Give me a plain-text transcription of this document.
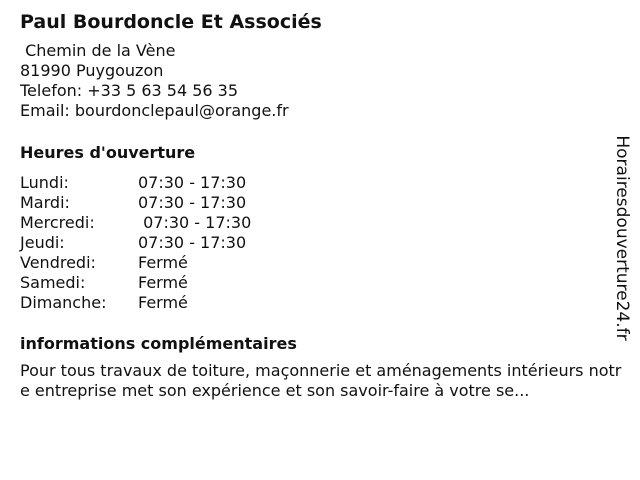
Paul Bourdoncle Et Associés
Chemin de la Vène
81990 Puygouzon
Telefon: +33 5 63 54 56 35
Email: bourdonclepaul@orange.fr
Heures d'ouverture
Lundi:	07:30 - 17:30
Mardi:	07:30 - 17:30
Mercredi:	07:30 - 17:30
Jeudi:	07:30 - 17:30
Vendredi:	Fermé
Samedi:	Fermé
Dimanche:	Fermé
informations complémentaires
Pour tous travaux de toiture, maçonnerie et aménagements intérieurs notre entreprise met son expérience et son savoir-faire à votre se...
Horairesdouverture24.fr
